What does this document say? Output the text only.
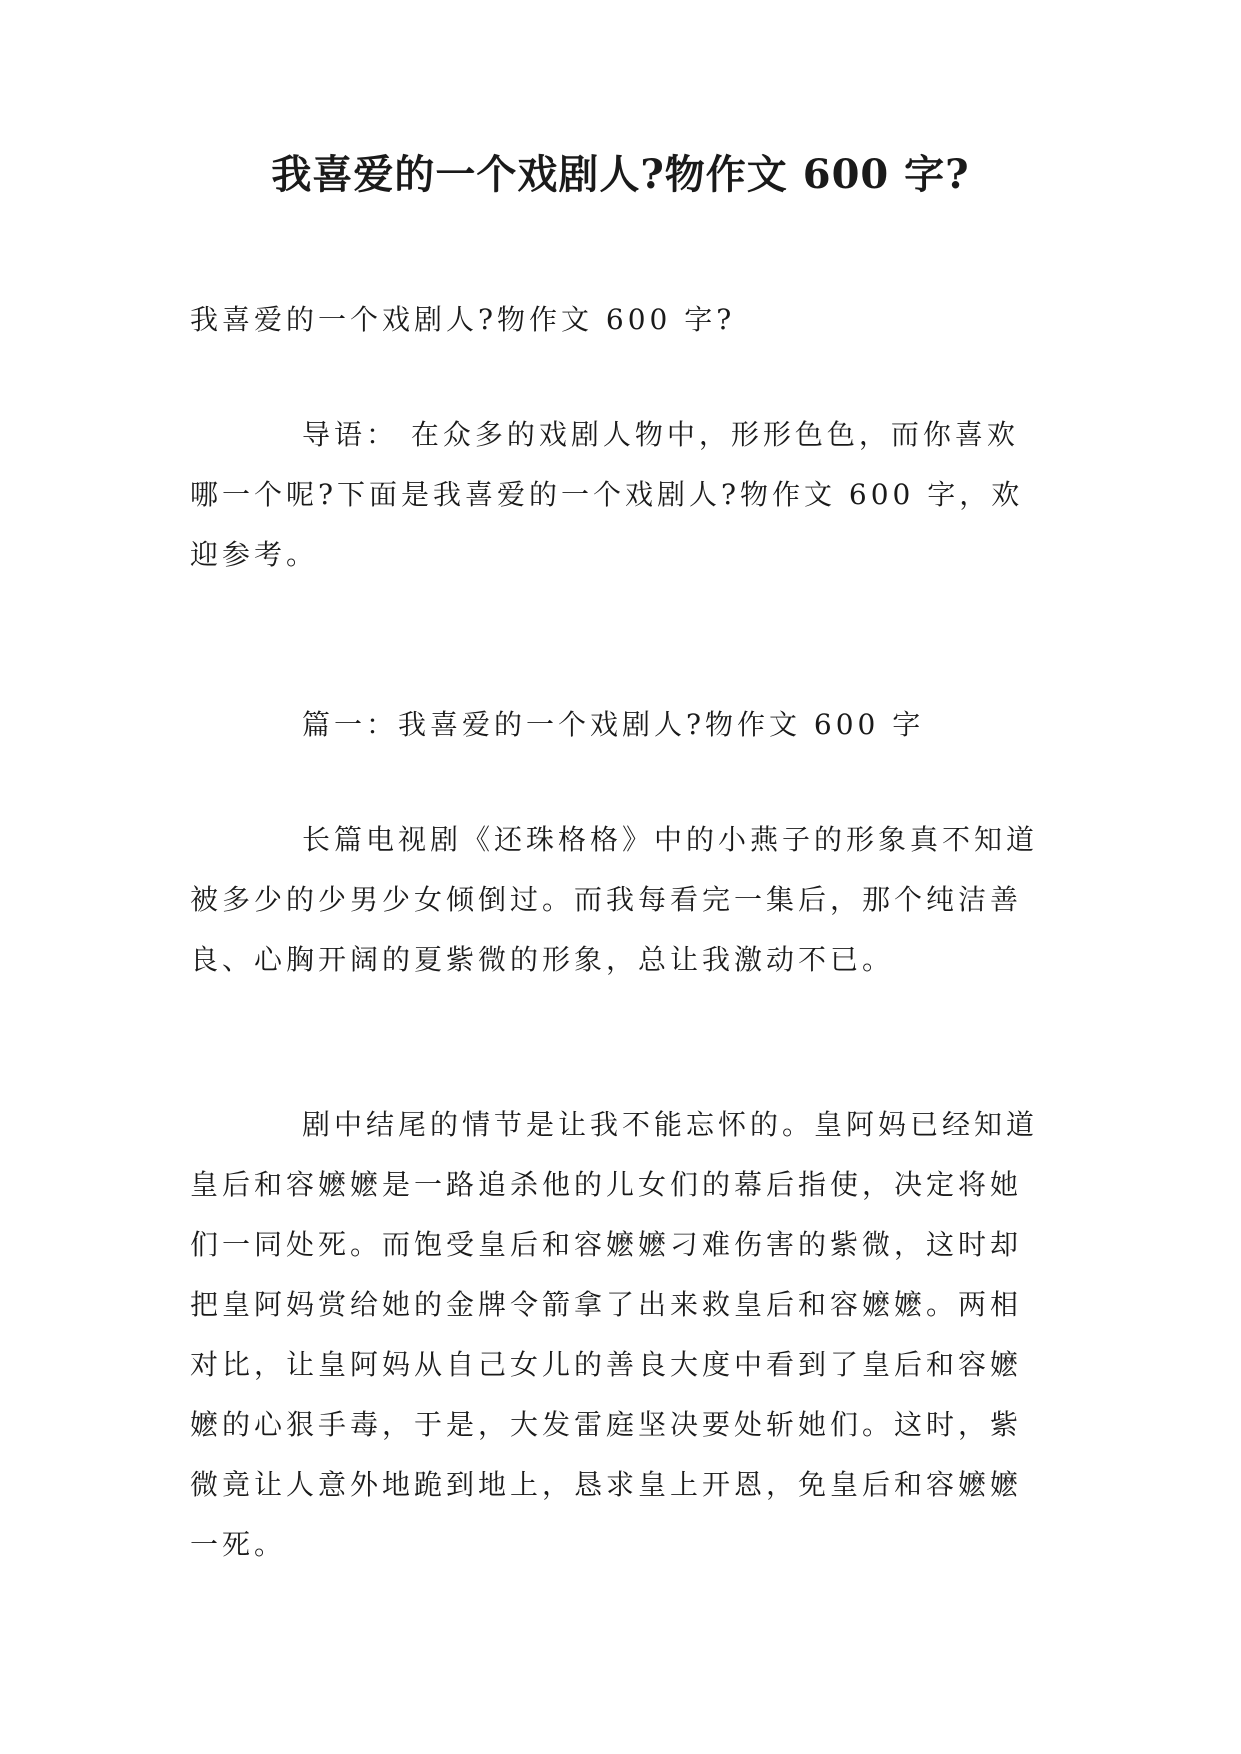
我喜爱的一个戏剧人?物作文 600 字?

我喜爱的一个戏剧人?物作文 600 字?

导语： 在众多的戏剧人物中，形形色色，而你喜欢哪一个呢?下面是我喜爱的一个戏剧人?物作文 600 字，欢迎参考。

篇一：我喜爱的一个戏剧人?物作文 600 字

长篇电视剧《还珠格格》中的小燕子的形象真不知道被多少的少男少女倾倒过。而我每看完一集后，那个纯洁善良、心胸开阔的夏紫微的形象，总让我激动不已。

剧中结尾的情节是让我不能忘怀的。皇阿妈已经知道皇后和容嬷嬷是一路追杀他的儿女们的幕后指使，决定将她们一同处死。而饱受皇后和容嬷嬷刁难伤害的紫微，这时却把皇阿妈赏给她的金牌令箭拿了出来救皇后和容嬷嬷。两相对比，让皇阿妈从自己女儿的善良大度中看到了皇后和容嬷嬷的心狠手毒，于是，大发雷庭坚决要处斩她们。这时，紫微竟让人意外地跪到地上，恳求皇上开恩，免皇后和容嬷嬷一死。
